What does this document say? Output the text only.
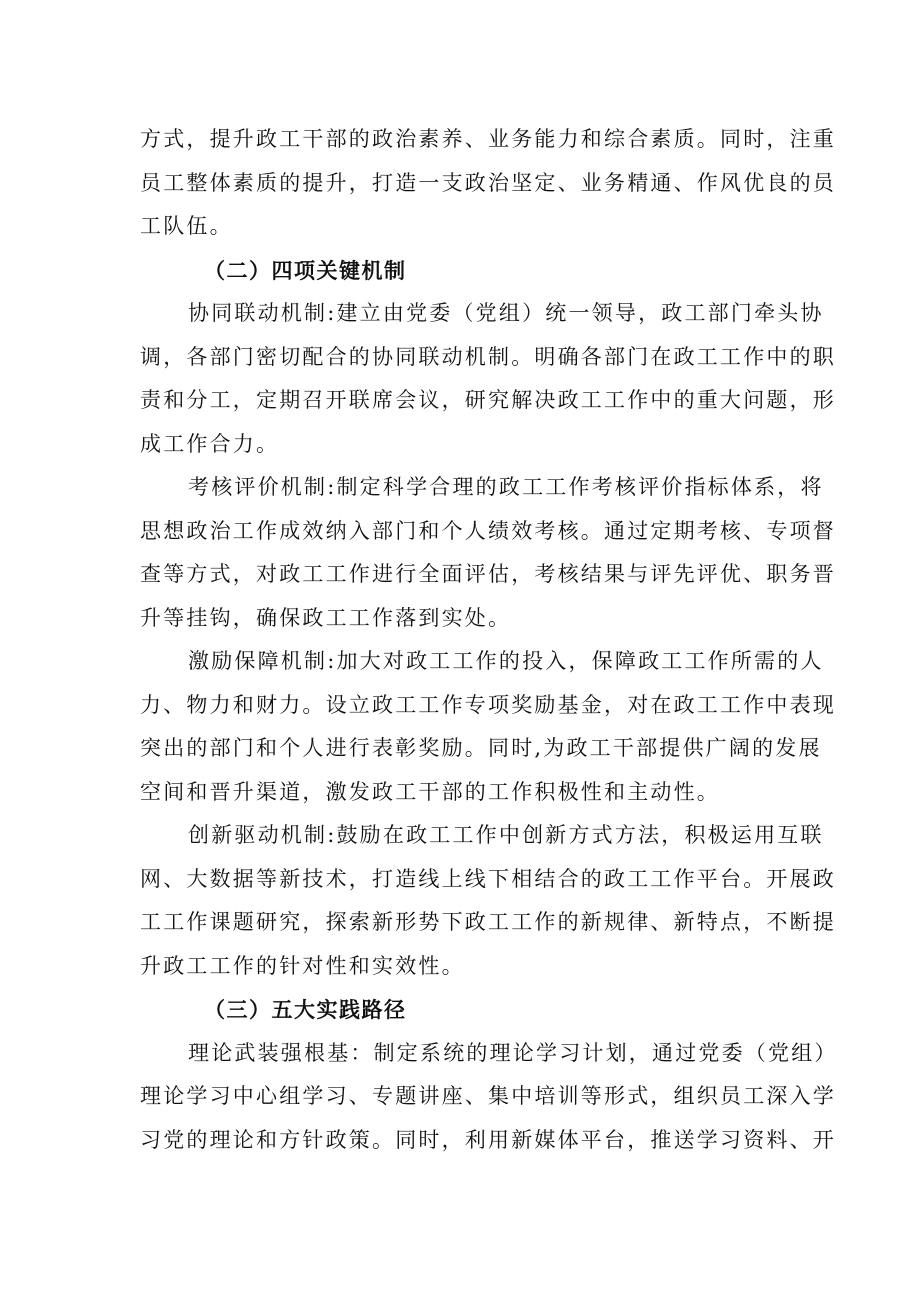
方式，提升政工干部的政治素养、业务能力和综合素质。同时，注重

员工整体素质的提升，打造一支政治坚定、业务精通、作风优良的员

工队伍。

（二）四项关键机制

协同联动机制:建立由党委（党组）统一领导，政工部门牵头协

调，各部门密切配合的协同联动机制。明确各部门在政工工作中的职

责和分工，定期召开联席会议，研究解决政工工作中的重大问题，形

成工作合力。

考核评价机制:制定科学合理的政工工作考核评价指标体系，将

思想政治工作成效纳入部门和个人绩效考核。通过定期考核、专项督

查等方式，对政工工作进行全面评估，考核结果与评先评优、职务晋

升等挂钩，确保政工工作落到实处。

激励保障机制:加大对政工工作的投入，保障政工工作所需的人

力、物力和财力。设立政工工作专项奖励基金，对在政工工作中表现

突出的部门和个人进行表彰奖励。同时,为政工干部提供广阔的发展

空间和晋升渠道，激发政工干部的工作积极性和主动性。

创新驱动机制:鼓励在政工工作中创新方式方法，积极运用互联

网、大数据等新技术，打造线上线下相结合的政工工作平台。开展政

工工作课题研究，探索新形势下政工工作的新规律、新特点，不断提

升政工工作的针对性和实效性。

（三）五大实践路径

理论武装强根基：制定系统的理论学习计划，通过党委（党组）

理论学习中心组学习、专题讲座、集中培训等形式，组织员工深入学

习党的理论和方针政策。同时，利用新媒体平台，推送学习资料、开
